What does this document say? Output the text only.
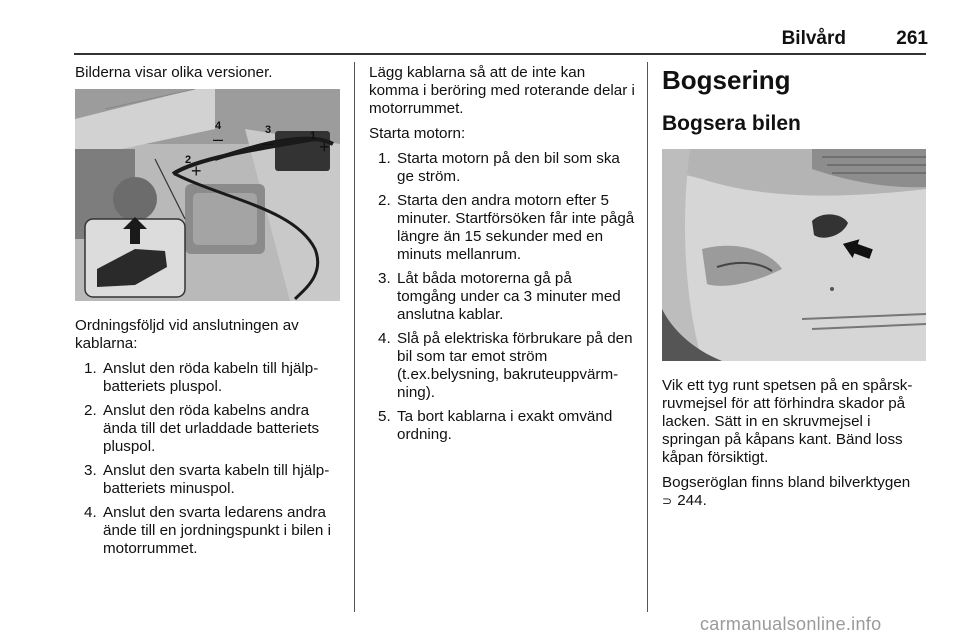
Bilvård	261

Bilderna visar olika versioner.

2
4	3	1
+
+
– –

Ordningsföljd vid anslutningen av kablarna:

1. Anslut den röda kabeln till hjälpbatteriets pluspol.
2. Anslut den röda kabelns andra ända till det urladdade batteriets pluspol.
3. Anslut den svarta kabeln till hjälpbatteriets minuspol.
4. Anslut den svarta ledarens andra ände till en jordningspunkt i bilen i motorrummet.

Lägg kablarna så att de inte kan komma i beröring med roterande delar i motorrummet.

Starta motorn:

1. Starta motorn på den bil som ska ge ström.
2. Starta den andra motorn efter 5 minuter. Startförsöken får inte pågå längre än 15 sekunder med en minuts mellanrum.
3. Låt båda motorerna gå på tomgång under ca 3 minuter med anslutna kablar.
4. Slå på elektriska förbrukare på den bil som tar emot ström (t.ex.belysning, bakruteuppvärmning).
5. Ta bort kablarna i exakt omvänd ordning.
Bogsering
Bogsera bilen

Vik ett tyg runt spetsen på en spårskruvmejsel för att förhindra skador på lacken. Sätt in en skruvmejsel i springan på kåpans kant. Bänd loss kåpan försiktigt.

Bogseröglan finns bland bilverktygen
⊃ 244.

carmanualsonline.info
